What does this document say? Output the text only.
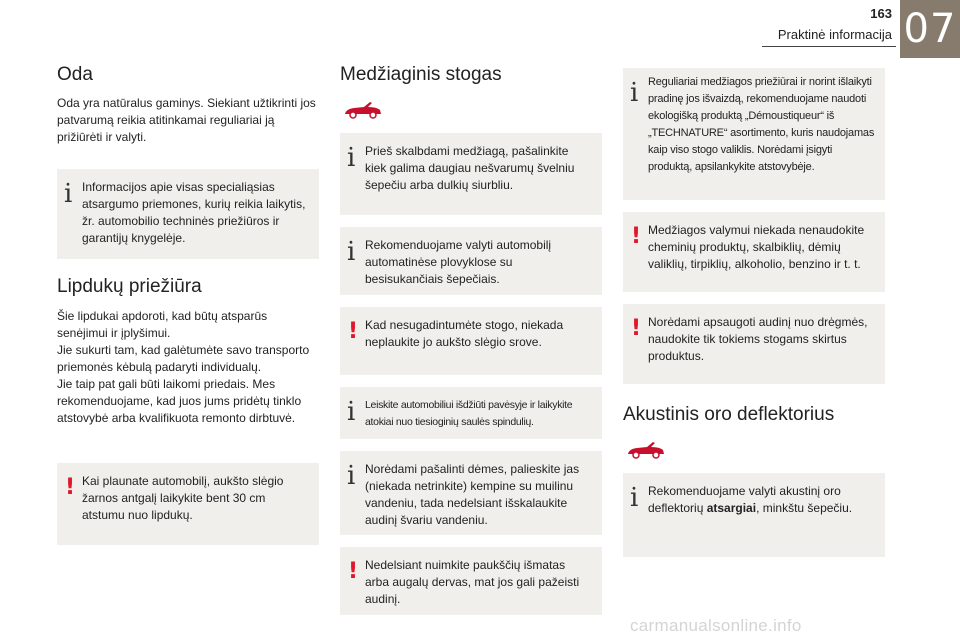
163
Praktinė informacija 07
Oda

Oda yra natūralus gaminys. Siekiant užtikrinti jos patvarumą reikia atitinkamai reguliariai ją prižiūrėti ir valyti.

i Informacijos apie visas specialiąsias atsargumo priemones, kurių reikia laikytis, žr. automobilio techninės priežiūros ir garantijų knygelėje.
Lipdukų priežiūra

Šie lipdukai apdoroti, kad būtų atsparūs senėjimui ir įplyšimui.

Jie sukurti tam, kad galėtumėte savo transporto priemonės kėbulą padaryti individualų.

Jie taip pat gali būti laikomi priedais. Mes rekomenduojame, kad juos jums pridėtų tinklo atstovybė arba kvalifikuota remonto dirbtuvė.

! Kai plaunate automobilį, aukšto slėgio žarnos antgalį laikykite bent 30 cm atstumu nuo lipdukų.
Medžiaginis stogas
i Prieš skalbdami medžiagą, pašalinkite kiek galima daugiau nešvarumų švelniu šepečiu arba dulkių siurbliu.
i Rekomenduojame valyti automobilį automatinėse plovyklose su besisukančiais šepečiais.
! Kad nesugadintumėte stogo, niekada neplaukite jo aukšto slėgio srove.
i Leiskite automobiliui išdžiūti pavėsyje ir laikykite atokiai nuo tiesioginių saulės spindulių.
i Norėdami pašalinti dėmes, palieskite jas (niekada netrinkite) kempine su muilinu vandeniu, tada nedelsiant išskalaukite audinį švariu vandeniu.
! Nedelsiant nuimkite paukščių išmatas arba augalų dervas, mat jos gali pažeisti audinį.
i Reguliariai medžiagos priežiūrai ir norint išlaikyti pradinę jos išvaizdą, rekomenduojame naudoti ekologišką produktą „Démoustiqueur“ iš „TECHNATURE“ asortimento, kuris naudojamas kaip viso stogo valiklis. Norėdami įsigyti produktą, apsilankykite atstovybėje.
! Medžiagos valymui niekada nenaudokite cheminių produktų, skalbiklių, dėmių valiklių, tirpiklių, alkoholio, benzino ir t. t.
! Norėdami apsaugoti audinį nuo drėgmės, naudokite tik tokiems stogams skirtus produktus.
Akustinis oro deflektorius
i Rekomenduojame valyti akustinį oro deflektorių atsargiai, minkštu šepečiu.
carmanualsonline.info
